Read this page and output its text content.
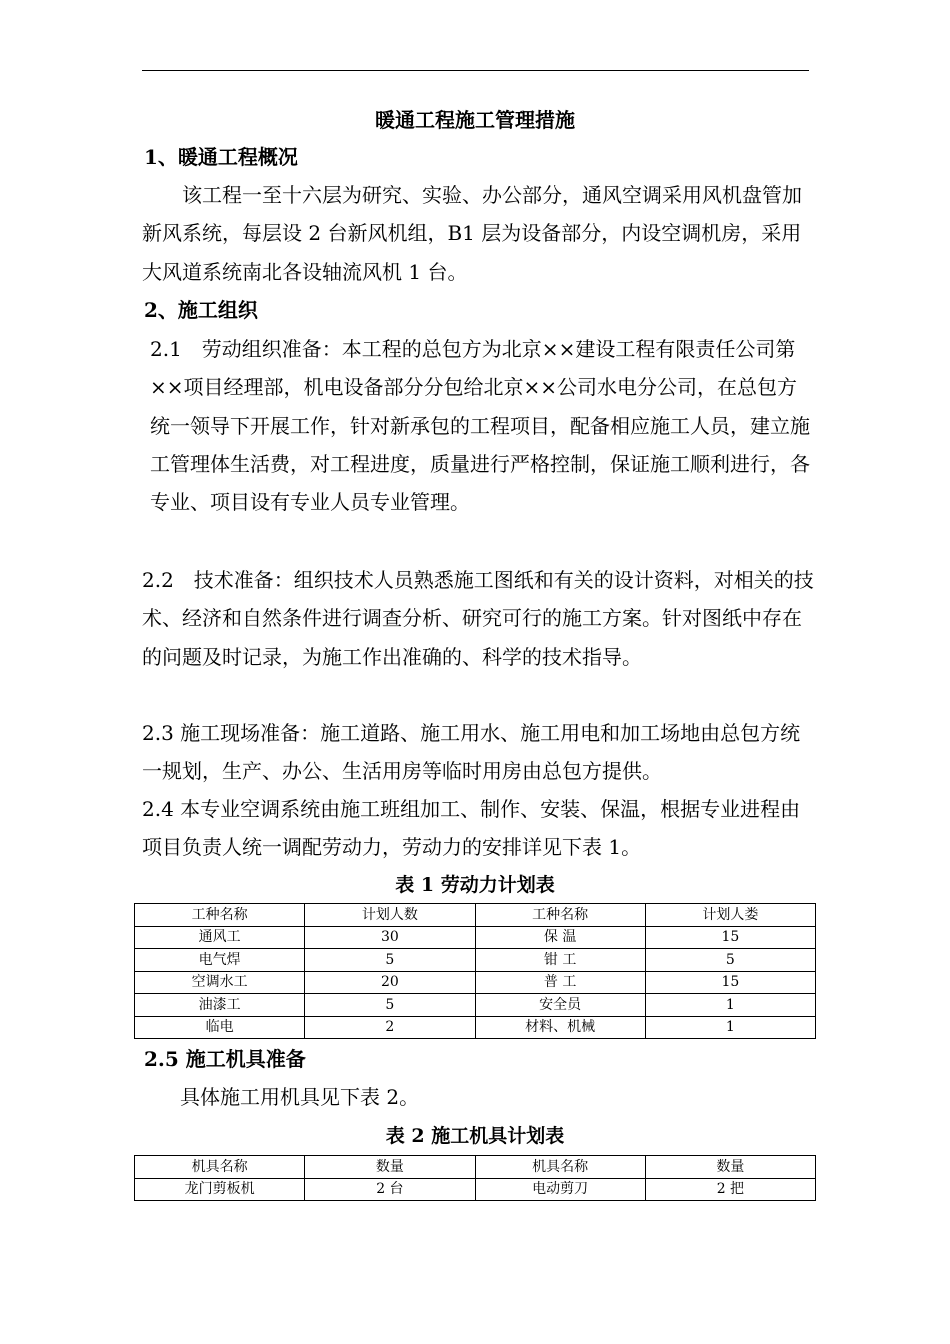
暖通工程施工管理措施
1、暖通工程概况
　　该工程一至十六层为研究、实验、办公部分，通风空调采用风机盘管加新风系统，每层设 2 台新风机组，B1 层为设备部分，内设空调机房，采用大风道系统南北各设轴流风机 1 台。
2、施工组织
2.1　劳动组织准备：本工程的总包方为北京××建设工程有限责任公司第××项目经理部，机电设备部分分包给北京××公司水电分公司，在总包方统一领导下开展工作，针对新承包的工程项目，配备相应施工人员，建立施工管理体生活费，对工程进度，质量进行严格控制，保证施工顺利进行，各专业、项目设有专业人员专业管理。
2.2　技术准备：组织技术人员熟悉施工图纸和有关的设计资料，对相关的技术、经济和自然条件进行调查分析、研究可行的施工方案。针对图纸中存在的问题及时记录，为施工作出准确的、科学的技术指导。
2.3 施工现场准备：施工道路、施工用水、施工用电和加工场地由总包方统一规划，生产、办公、生活用房等临时用房由总包方提供。
2.4 本专业空调系统由施工班组加工、制作、安装、保温，根据专业进程由项目负责人统一调配劳动力，劳动力的安排详见下表 1。
表 1 劳动力计划表
工种名称	计划人数	工种名称	计划人娄
通风工	30	保 温	15
电气焊	5	钳 工	5
空调水工	20	普 工	15
油漆工	5	安全员	1
临电	2	材料、机械	1
2.5 施工机具准备
具体施工用机具见下表 2。
表 2 施工机具计划表
机具名称	数量	机具名称	数量
龙门剪板机	2 台	电动剪刀	2 把
